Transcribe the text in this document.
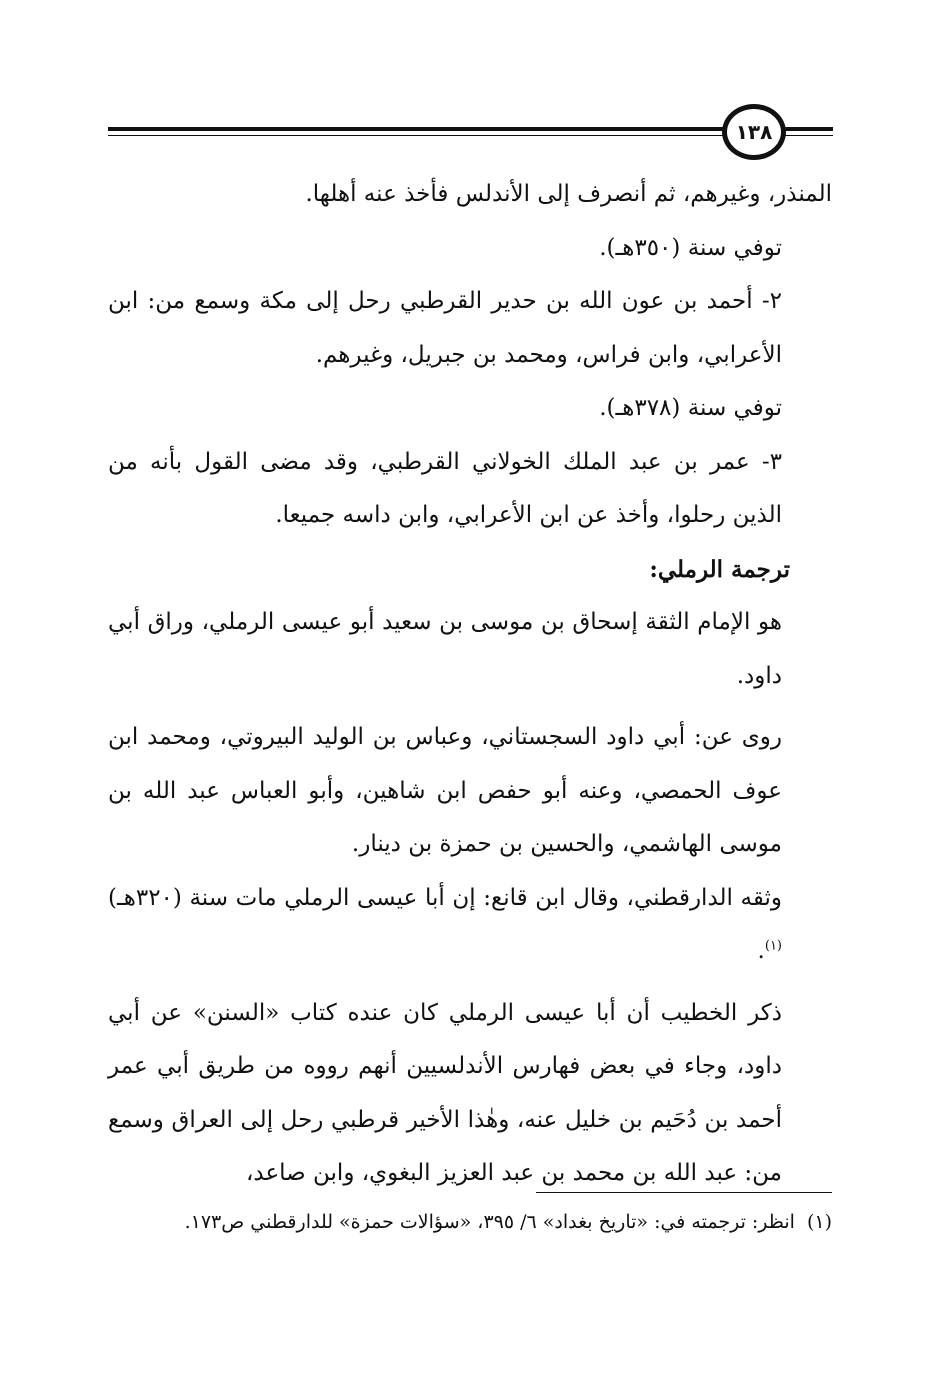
١٣٨

المنذر، وغيرهم، ثم أنصرف إلى الأندلس فأخذ عنه أهلها.

توفي سنة (٣٥٠هـ).

٢- أحمد بن عون الله بن حدير القرطبي رحل إلى مكة وسمع من: ابن الأعرابي، وابن فراس، ومحمد بن جبريل، وغيرهم.

توفي سنة (٣٧٨هـ).

٣- عمر بن عبد الملك الخولاني القرطبي، وقد مضى القول بأنه من الذين رحلوا، وأخذ عن ابن الأعرابي، وابن داسه جميعا.

ترجمة الرملي:

هو الإمام الثقة إسحاق بن موسى بن سعيد أبو عيسى الرملي، وراق أبي داود.

روى عن: أبي داود السجستاني، وعباس بن الوليد البيروتي، ومحمد ابن عوف الحمصي، وعنه أبو حفص ابن شاهين، وأبو العباس عبد الله بن موسى الهاشمي، والحسين بن حمزة بن دينار.

وثقه الدارقطني، وقال ابن قانع: إن أبا عيسى الرملي مات سنة (٣٢٠هـ)$^{(١)}$.

ذكر الخطيب أن أبا عيسى الرملي كان عنده كتاب «السنن» عن أبي داود، وجاء في بعض فهارس الأندلسيين أنهم رووه من طريق أبي عمر أحمد بن دُحَيم بن خليل عنه، وهٰذا الأخير قرطبي رحل إلى العراق وسمع من: عبد الله بن محمد بن عبد العزيز البغوي، وابن صاعد،

(١)انظر: ترجمته في: «تاريخ بغداد» ٦/ ٣٩٥، «سؤالات حمزة» للدارقطني ص١٧٣.
